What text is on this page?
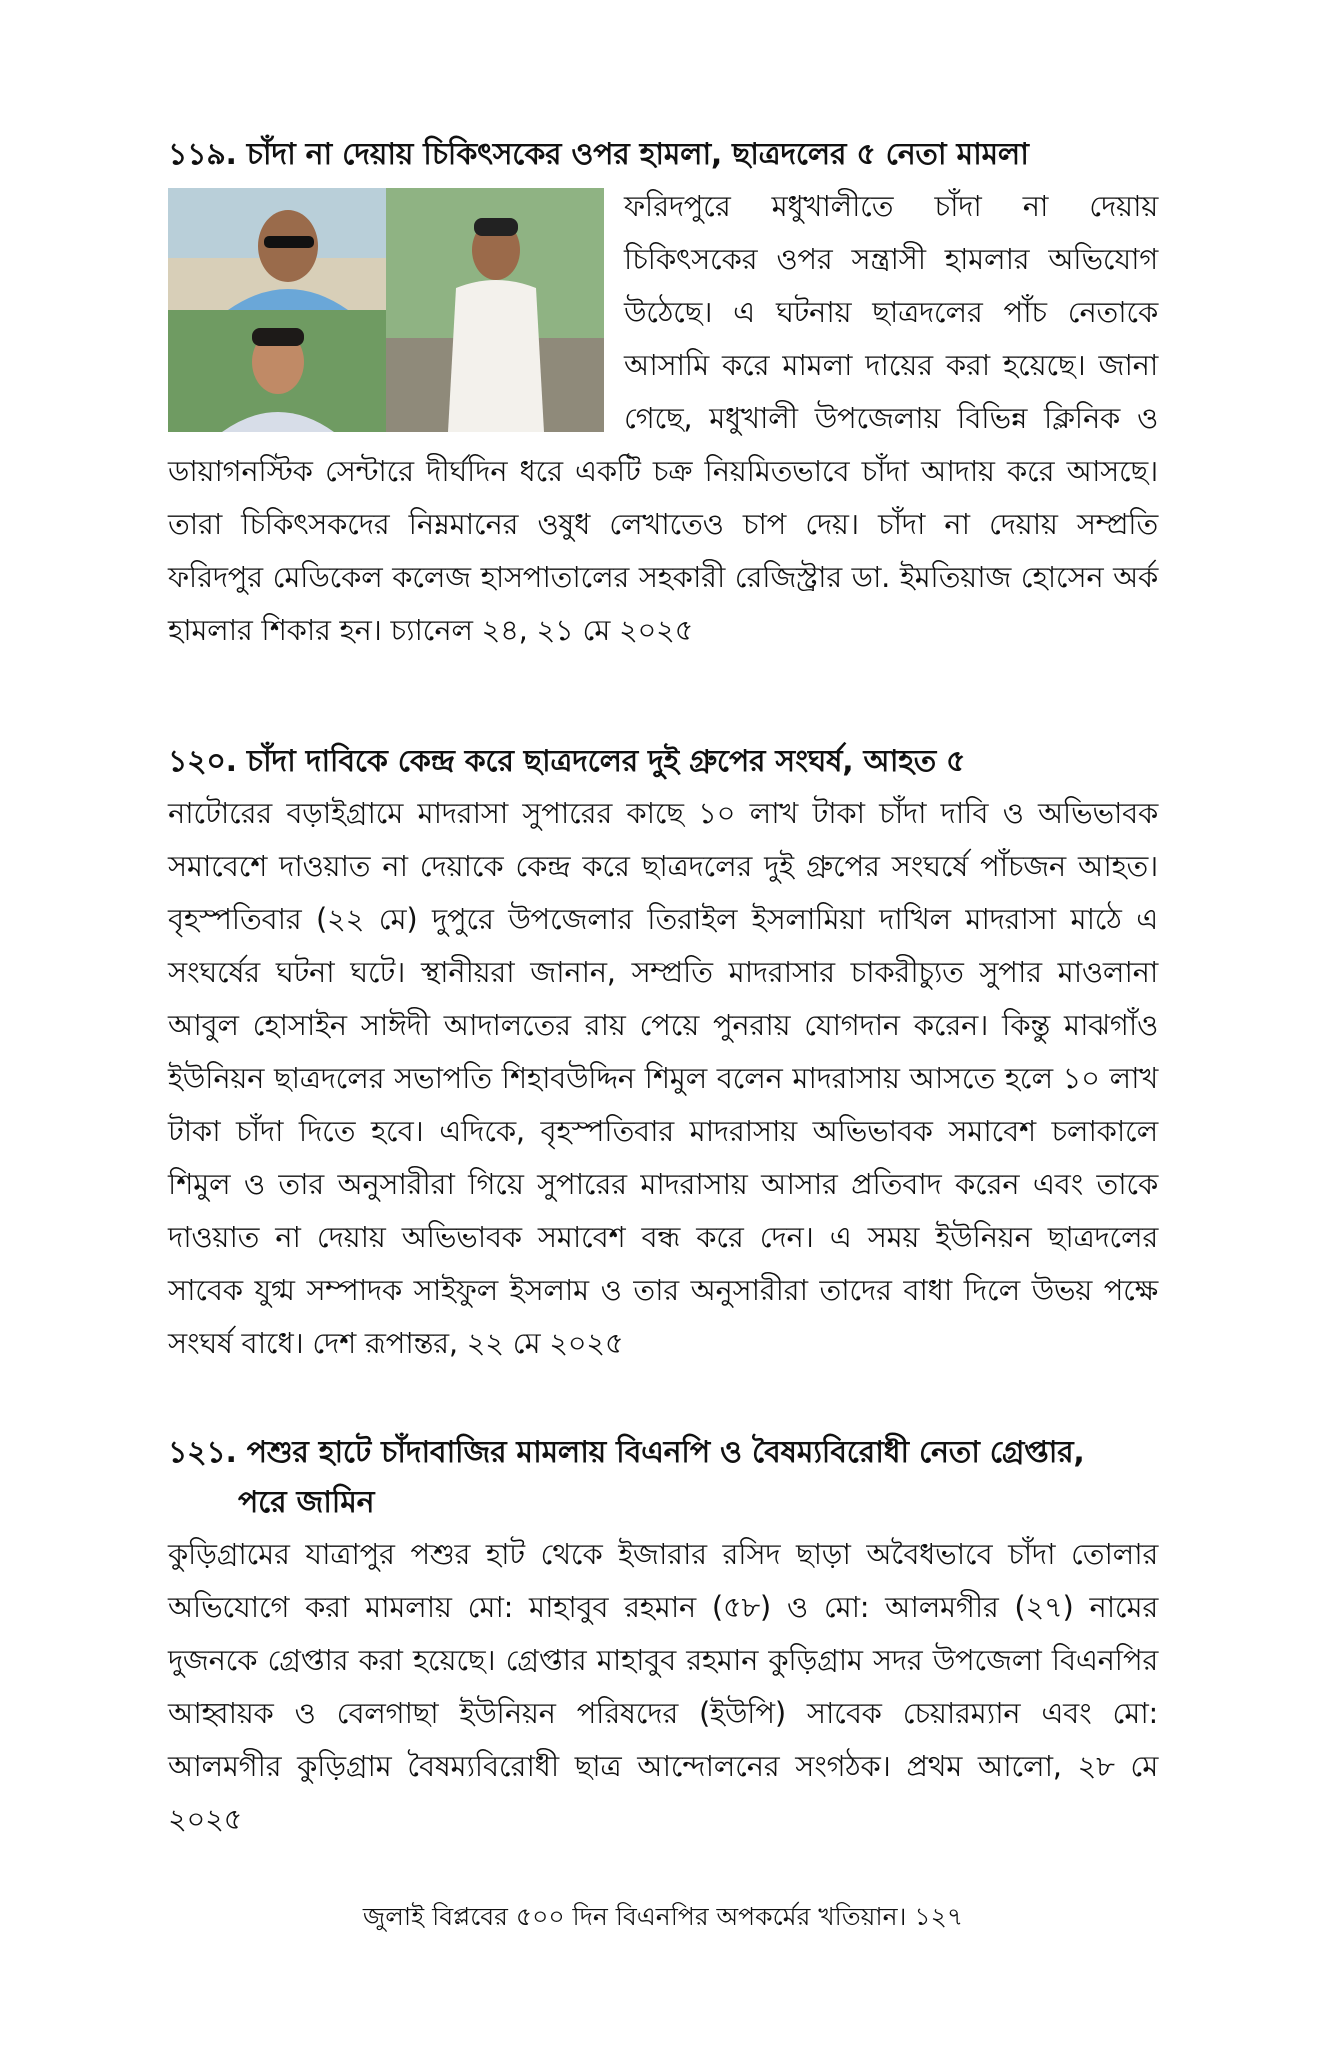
১১৯. চাঁদা না দেয়ায় চিকিৎসকের ওপর হামলা, ছাত্রদলের ৫ নেতা মামলা

ফরিদপুরে মধুখালীতে চাঁদা না দেয়ায় চিকিৎসকের ওপর সন্ত্রাসী হামলার অভিযোগ উঠেছে। এ ঘটনায় ছাত্রদলের পাঁচ নেতাকে আসামি করে মামলা দায়ের করা হয়েছে। জানা গেছে, মধুখালী উপজেলায় বিভিন্ন ক্লিনিক ও ডায়াগনস্টিক সেন্টারে দীর্ঘদিন ধরে একটি চক্র নিয়মিতভাবে চাঁদা আদায় করে আসছে। তারা চিকিৎসকদের নিম্নমানের ওষুধ লেখাতেও চাপ দেয়। চাঁদা না দেয়ায় সম্প্রতি ফরিদপুর মেডিকেল কলেজ হাসপাতালের সহকারী রেজিস্ট্রার ডা. ইমতিয়াজ হোসেন অর্ক হামলার শিকার হন। চ্যানেল ২৪, ২১ মে ২০২৫

১২০. চাঁদা দাবিকে কেন্দ্র করে ছাত্রদলের দুই গ্রুপের সংঘর্ষ, আহত ৫

নাটোরের বড়াইগ্রামে মাদরাসা সুপারের কাছে ১০ লাখ টাকা চাঁদা দাবি ও অভিভাবক সমাবেশে দাওয়াত না দেয়াকে কেন্দ্র করে ছাত্রদলের দুই গ্রুপের সংঘর্ষে পাঁচজন আহত। বৃহস্পতিবার (২২ মে) দুপুরে উপজেলার তিরাইল ইসলামিয়া দাখিল মাদরাসা মাঠে এ সংঘর্ষের ঘটনা ঘটে। স্থানীয়রা জানান, সম্প্রতি মাদরাসার চাকরীচ্যুত সুপার মাওলানা আবুল হোসাইন সাঈদী আদালতের রায় পেয়ে পুনরায় যোগদান করেন। কিন্তু মাঝগাঁও ইউনিয়ন ছাত্রদলের সভাপতি শিহাবউদ্দিন শিমুল বলেন মাদরাসায় আসতে হলে ১০ লাখ টাকা চাঁদা দিতে হবে। এদিকে, বৃহস্পতিবার মাদরাসায় অভিভাবক সমাবেশ চলাকালে শিমুল ও তার অনুসারীরা গিয়ে সুপারের মাদরাসায় আসার প্রতিবাদ করেন এবং তাকে দাওয়াত না দেয়ায় অভিভাবক সমাবেশ বন্ধ করে দেন। এ সময় ইউনিয়ন ছাত্রদলের সাবেক যুগ্ম সম্পাদক সাইফুল ইসলাম ও তার অনুসারীরা তাদের বাধা দিলে উভয় পক্ষে সংঘর্ষ বাধে। দেশ রূপান্তর, ২২ মে ২০২৫

১২১. পশুর হাটে চাঁদাবাজির মামলায় বিএনপি ও বৈষম্যবিরোধী নেতা গ্রেপ্তার,
পরে জামিন

কুড়িগ্রামের যাত্রাপুর পশুর হাট থেকে ইজারার রসিদ ছাড়া অবৈধভাবে চাঁদা তোলার অভিযোগে করা মামলায় মো: মাহাবুব রহমান (৫৮) ও মো: আলমগীর (২৭) নামের দুজনকে গ্রেপ্তার করা হয়েছে। গ্রেপ্তার মাহাবুব রহমান কুড়িগ্রাম সদর উপজেলা বিএনপির আহ্বায়ক ও বেলগাছা ইউনিয়ন পরিষদের (ইউপি) সাবেক চেয়ারম্যান এবং মো: আলমগীর কুড়িগ্রাম বৈষম্যবিরোধী ছাত্র আন্দোলনের সংগঠক। প্রথম আলো, ২৮ মে ২০২৫

জুলাই বিপ্লবের ৫০০ দিন বিএনপির অপকর্মের খতিয়ান। ১২৭
